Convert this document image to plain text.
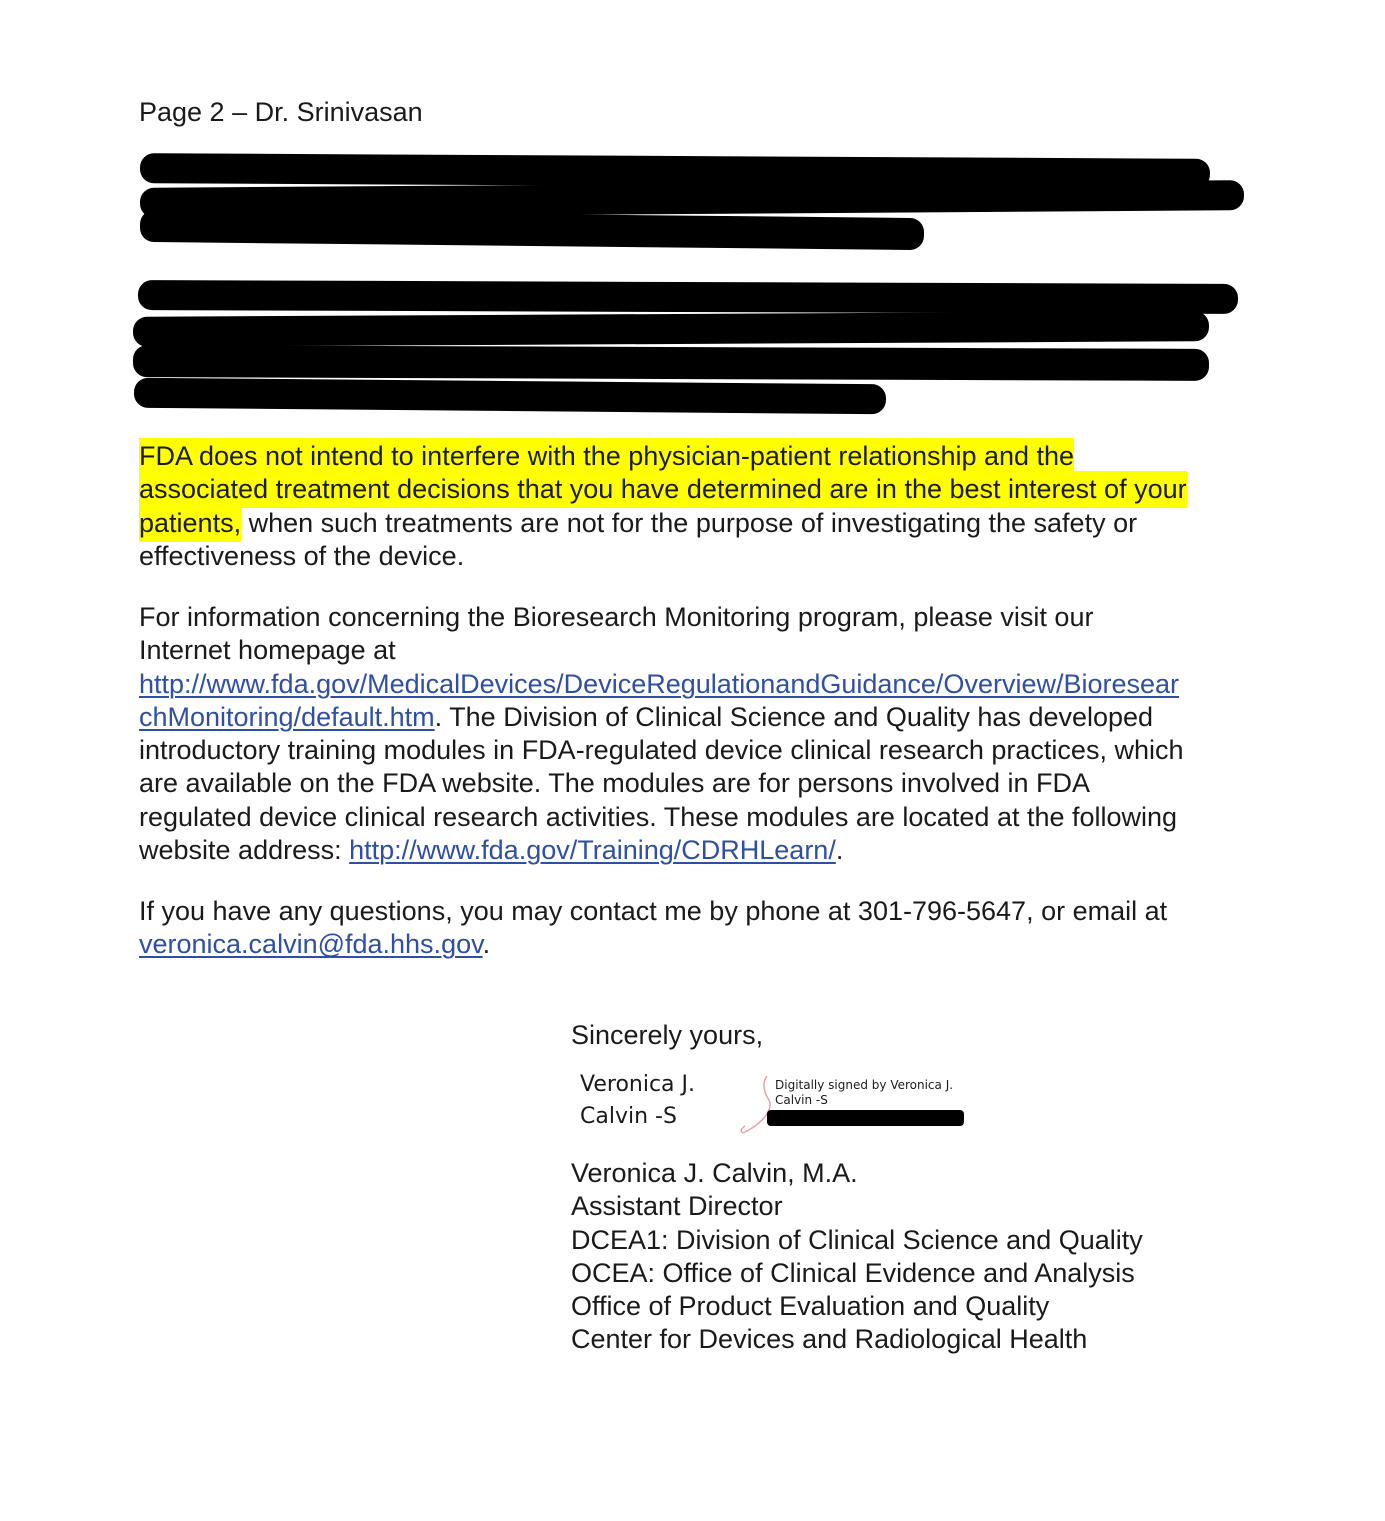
Page 2 – Dr. Srinivasan
FDA does not intend to interfere with the physician-patient relationship and the
associated treatment decisions that you have determined are in the best interest of your
patients, when such treatments are not for the purpose of investigating the safety or
effectiveness of the device.
For information concerning the Bioresearch Monitoring program, please visit our
Internet homepage at
http://www.fda.gov/MedicalDevices/DeviceRegulationandGuidance/Overview/Bioresear
chMonitoring/default.htm. The Division of Clinical Science and Quality has developed
introductory training modules in FDA-regulated device clinical research practices, which
are available on the FDA website. The modules are for persons involved in FDA
regulated device clinical research activities. These modules are located at the following
website address: http://www.fda.gov/Training/CDRHLearn/.
If you have any questions, you may contact me by phone at 301-796-5647, or email at
veronica.calvin@fda.hhs.gov.
Sincerely yours,
Veronica J.
Calvin -S
Digitally signed by Veronica J.
Calvin -S
Veronica J. Calvin, M.A.
Assistant Director
DCEA1: Division of Clinical Science and Quality
OCEA: Office of Clinical Evidence and Analysis
Office of Product Evaluation and Quality
Center for Devices and Radiological Health
